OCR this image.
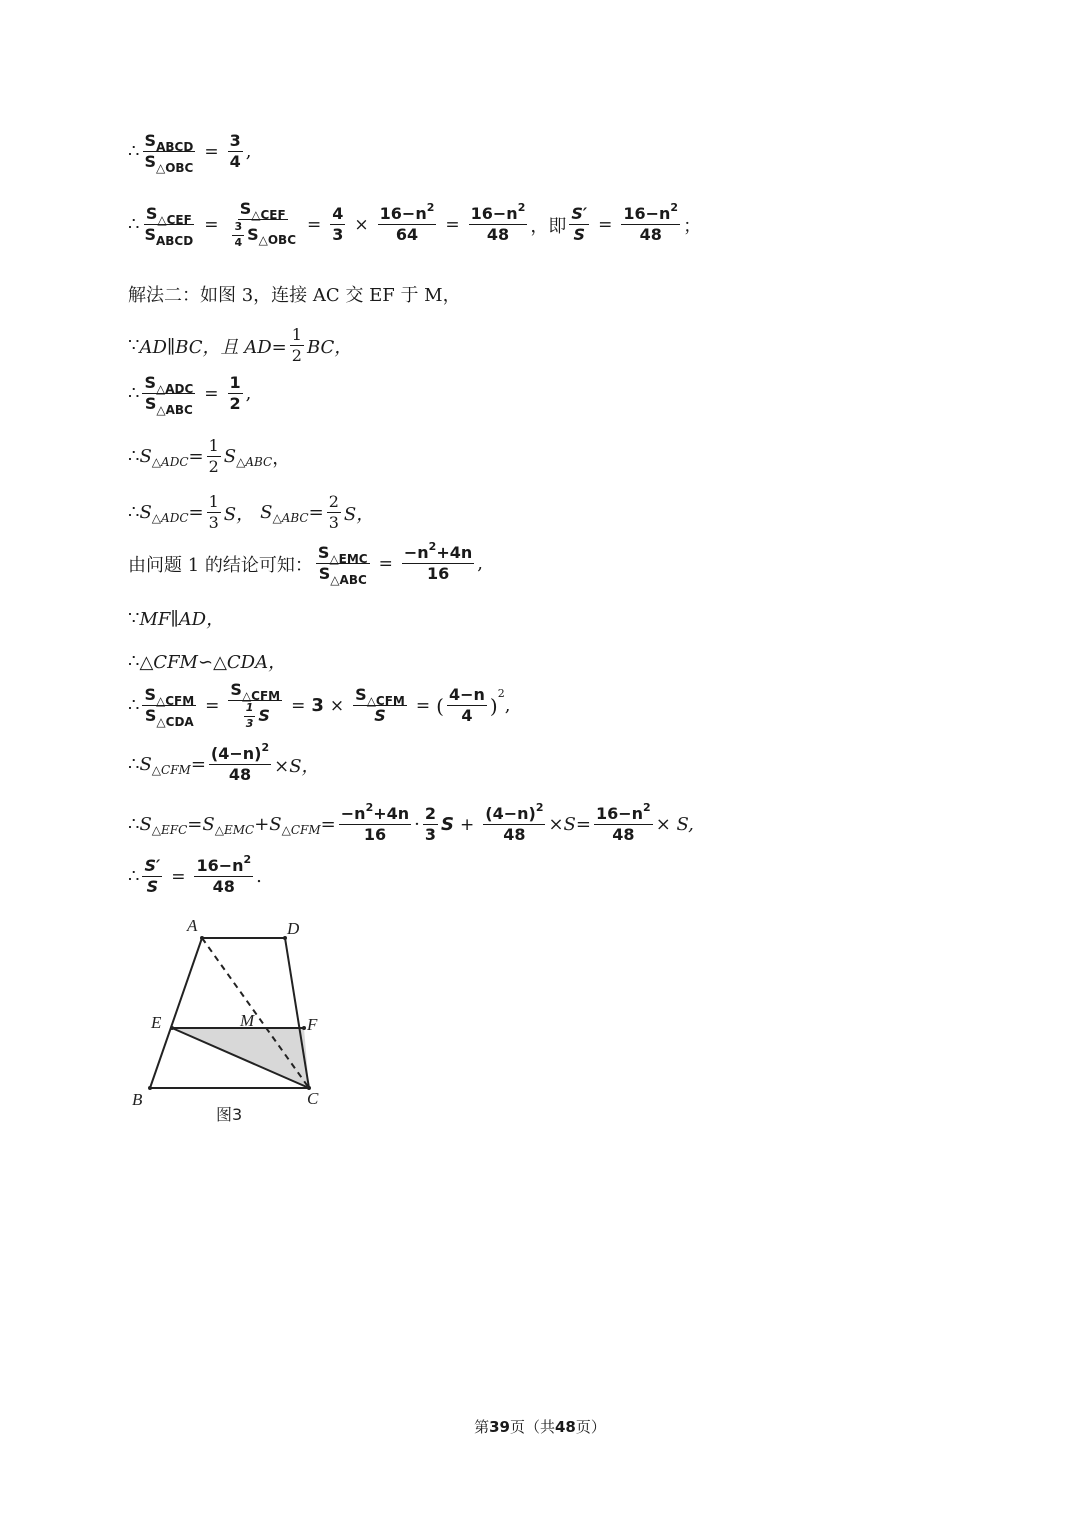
∴ $\frac{S_{ABCD}}{S_{\triangle OBC}} = \frac{3}{4}$ ,
∴ $\frac{S_{\triangle CEF}}{S_{ABCD}} = \frac{S_{\triangle CEF}}{\frac{3}{4} S \triangle OBC} = \frac{4}{3} \times \frac{16-n^2}{64} = \frac{16-n^2}{48}$ ，即 $\frac{S'}{S} = \frac{16-n^2}{48}$ ；
解法二：如图 3，连接 AC 交 EF 于 M，
∵ AD∥BC，且 $AD= \frac{1}{2}$ BC，
∴ $\frac{S_{\triangle ADC}}{S_{\triangle ABC}} = \frac{1}{2}$ ,
∴ S △ADC = $\frac{1}{2}$ S △ABC ，
∴ S △ADC = $\frac{1}{3}$ S， S △ABC = $\frac{2}{3}$ S，
由问题 1 的结论可知： $\frac{S_{\triangle EMC}}{S_{\triangle ABC}} = \frac{-n^2+4n}{16}$ ,
∵ MF∥AD，
∴ △CFM∽△CDA，
∴ $\frac{S_{\triangle CFM}}{S_{\triangle CDA}} = \frac{S_{\triangle CFM}}{\frac{1}{3} S} = 3 \times \frac{S_{\triangle CFM}}{S}$ = ( $\frac{4-n}{4}$ ) 2
,
∴ S △CFM = $\frac{(4-n)^2}{48} \times S$，
∴ S △EFC = S △EMC + S △CFM = $\frac{-n^2+4n}{16} \cdot \frac{2}{3}$ $S + \frac{(4-n)^2}{48} \times S= \frac{16-n^2}{48} \times S$,
∴ $\frac{S'}{S} = \frac{16-n^2}{48}$ .
A	D
E	M	F
B	C
图3
第39页（共48页）
